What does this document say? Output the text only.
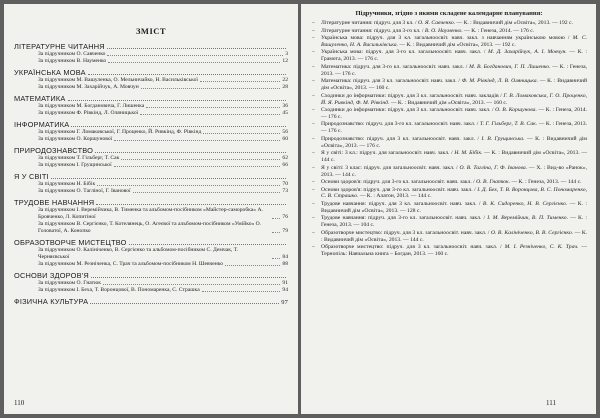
ЗМІСТ
ЛІТЕРАТУРНЕ ЧИТАННЯ
За підручником О. Савченко	3
За підручником В. Науменко	12
УКРАЇНСЬКА МОВА
За підручником М. Вашуленка, О. Мельничайко, Н. Васильківської	22
За підручником М. Захарійчук, А. Мовчун	28
МАТЕМАТИКА
За підручником М. Богдановича, Г. Лишенка	36
За підручником Ф. Рівкінд, Л. Оляницької	45
ІНФОРМАТИКА
За підручником Г. Ломаковської, Г. Проценко, Й. Ривкінд, Ф. Рівкінд	56
За підручником О. Коршунової	60
ПРИРОДОЗНАВСТВО
За підручником Т. Гільберг, Т. Сак	62
За підручником І. Грущинської	66
Я У СВІТІ
За підручником Н. Бібік	70
За підручником О. Тагліної, Г. Іванової	73
ТРУДОВЕ НАВЧАННЯ
За підручником І. Веремійчика, В. Тименка та альбомом-посібником «Майстер-саморобка» А. Бровченко, Л. Копитіної	76
За підручником В. Сергієнко, Т. Котелянець, О. Агеєвої та альбомом-посібником «Умійко» О. Головатої, А. Конопко	79
ОБРАЗОТВОРЧЕ МИСТЕЦТВО
За підручником О. Калініченко, В. Сергієнко та альбомом-посібником С. Демчак, Т. Черняєвської	84
За підручником М. Резніченка, С. Трач та альбомом-посібником Н. Шевченко	88
ОСНОВИ ЗДОРОВ'Я
За підручником О. Гнатюк	91
За підручником І. Беха, Т. Воронцової, В. Пономаренка, С. Страшка	94
ФІЗИЧНА КУЛЬТУРА	97
110
Підручники, згідно з якими складене календарне планування:
– Літературне читання: підруч. для 3 кл. / О. Я. Савченко. — К. : Видавничий дім «Освіта», 2013. — 192 с.
– Літературне читання: підруч. для 3-го кл. / В. О. Науменко. — К. : Генеза, 2014. — 176 с.
– Українська мова: підруч. для 3 кл. загальноосвіт. навч. закл. з навчанням українською мовою / М. С. Вашуленко, Н. А. Васильківська. — К. : Видавничий дім «Освіта», 2013. — 192 с.
– Українська мова: підруч. для 3-го кл. загальноосвіт. навч. закл. / М. Д. Захарійчук, А. І. Мовчун. — К. : Грамота, 2013. — 176 с.
– Математика: підруч. для 3-го кл. загальноосвіт. навч. закл. / М. В. Богданович, Г. П. Лишенко. — К. : Генеза, 2013. — 176 с.
– Математика: підруч. для 3 кл. загальноосвіт. навч. закл. / Ф. М. Рівкінд, Л. В. Оляницька. — К. : Видавничий дім «Освіта», 2013. — 160 с.
– Сходинки до інформатики: підруч. для 3 кл. загальноосвіт. навч. закладів / Г. В. Ломаковська, Г. О. Проценко, Й. Я. Ривкінд, Ф. М. Рівкінд. — К. : Видавничий дім «Освіта», 2013. — 160 с.
– Сходинки до інформатики: підруч. для 3 кл. загальноосвіт. навч. закл. / О. В. Коршунова. — К. : Генеза, 2014. — 176 с.
– Природознавство: підруч. для 3-го кл. загальноосвіт. навч. закл. / Т. Г. Гільберг, Т. В. Сак. — К. : Генеза, 2013. — 176 с.
– Природознавство: підруч. для 3 кл. загальноосвіт. навч. закл. / І. В. Грущинська. — К. : Видавничий дім «Освіта», 2013. — 176 с.
– Я у світі: 3 кл.: підруч. для загальноосвіт. навч. закл. / Н. М. Бібік. — К. : Видавничий дім «Освіта», 2013. — 144 с.
– Я у світі: 3 клас: підруч. для загальноосвіт. навч. закл. / О. В. Тагліна, Г. Ф. Іванова. — Х. : Вид-во «Ранок», 2013. — 144 с.
– Основи здоров'я: підруч. для 3-го кл. загальноосвіт. навч. закл. / О. В. Гнатюк. — К. : Генеза, 2013. — 144 с.
– Основи здоров'я: підруч. для 3-го кл. загальноосвіт. навч. закл. / І. Д. Бех, Т. В. Воронцова, В. С. Пономаренко, С. В. Страшко. — К. : Алатон, 2013. — 144 с.
– Трудове навчання: підруч. для 3 кл. загальноосвіт. навч. закл. / В. К. Сидоренко, Н. В. Сергієнко. — К. : Видавничий дім «Освіта», 2013. — 128 с.
– Трудове навчання: підруч. для 3-го кл. загальноосвіт. навч. закл. / І. М. Веремійчик, В. П. Тименко. — К. : Генеза, 2013. — 104 с.
– Образотворче мистецтво: підруч. для 3 кл. загальноосвіт. навч. закл. / О. В. Калініченко, В. В. Сергієнко. — К. : Видавничий дім «Освіта», 2013. — 144 с.
– Образотворче мистецтво: підруч. для 3 кл. загальноосвіт. навч. закл. / М. І. Резніченко, С. К. Трач. — Тернопіль: Навчальна книга – Богдан, 2013. — 160 с.
111
